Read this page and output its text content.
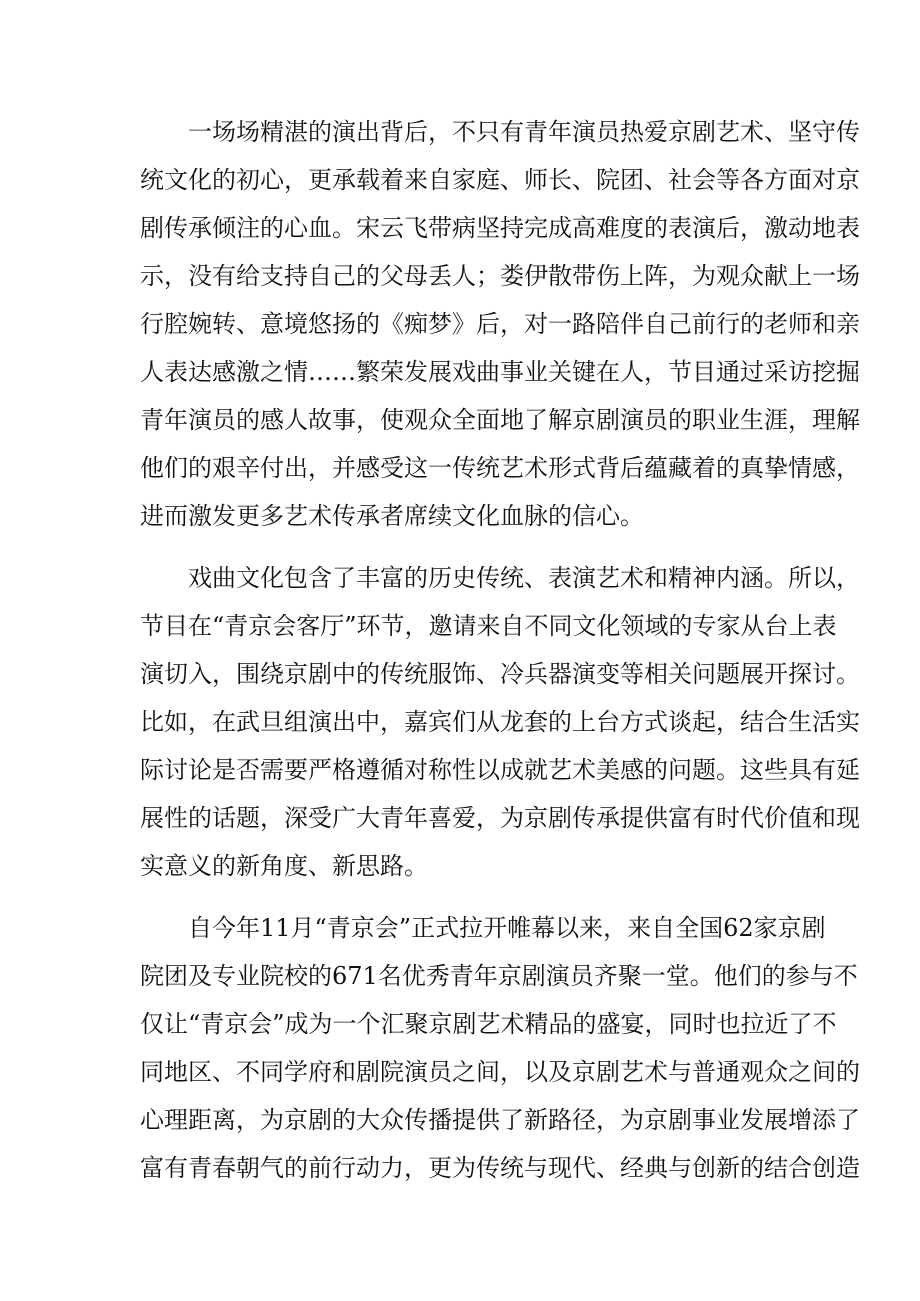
一场场精湛的演出背后，不只有青年演员热爱京剧艺术、坚守传

统文化的初心，更承载着来自家庭、师长、院团、社会等各方面对京

剧传承倾注的心血。宋云飞带病坚持完成高难度的表演后，激动地表

示，没有给支持自己的父母丢人；娄伊散带伤上阵，为观众献上一场

行腔婉转、意境悠扬的《痴梦》后，对一路陪伴自己前行的老师和亲

人表达感激之情……繁荣发展戏曲事业关键在人，节目通过采访挖掘

青年演员的感人故事，使观众全面地了解京剧演员的职业生涯，理解

他们的艰辛付出，并感受这一传统艺术形式背后蕴藏着的真挚情感，

进而激发更多艺术传承者席续文化血脉的信心。

戏曲文化包含了丰富的历史传统、表演艺术和精神内涵。所以，

节目在“青京会客厅”环节，邀请来自不同文化领域的专家从台上表

演切入，围绕京剧中的传统服饰、冷兵器演变等相关问题展开探讨。

比如，在武旦组演出中，嘉宾们从龙套的上台方式谈起，结合生活实

际讨论是否需要严格遵循对称性以成就艺术美感的问题。这些具有延

展性的话题，深受广大青年喜爱，为京剧传承提供富有时代价值和现

实意义的新角度、新思路。

自今年11月“青京会”正式拉开帷幕以来，来自全国62家京剧

院团及专业院校的671名优秀青年京剧演员齐聚一堂。他们的参与不

仅让“青京会”成为一个汇聚京剧艺术精品的盛宴，同时也拉近了不

同地区、不同学府和剧院演员之间，以及京剧艺术与普通观众之间的

心理距离，为京剧的大众传播提供了新路径，为京剧事业发展增添了

富有青春朝气的前行动力，更为传统与现代、经典与创新的结合创造
